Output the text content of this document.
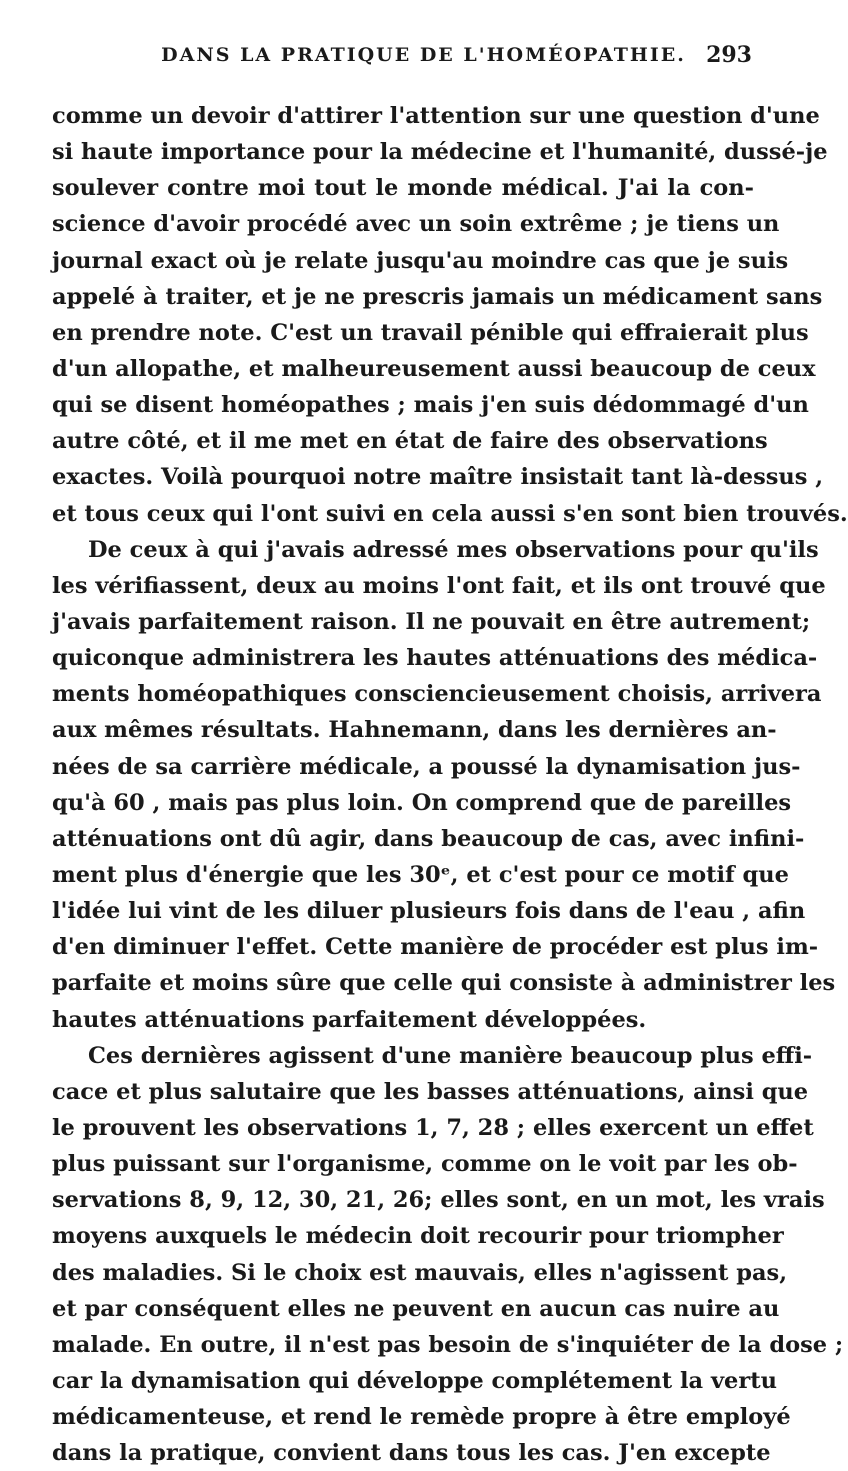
DANS LA PRATIQUE DE L'HOMÉOPATHIE. 293
comme un devoir d'attirer l'attention sur une question d'une
si haute importance pour la médecine et l'humanité, dussé-je
soulever contre moi tout le monde médical. J'ai la con-
science d'avoir procédé avec un soin extrême ; je tiens un
journal exact où je relate jusqu'au moindre cas que je suis
appelé à traiter, et je ne prescris jamais un médicament sans
en prendre note. C'est un travail pénible qui effraierait plus
d'un allopathe, et malheureusement aussi beaucoup de ceux
qui se disent homéopathes ; mais j'en suis dédommagé d'un
autre côté, et il me met en état de faire des observations
exactes. Voilà pourquoi notre maître insistait tant là-dessus ,
et tous ceux qui l'ont suivi en cela aussi s'en sont bien trouvés.
De ceux à qui j'avais adressé mes observations pour qu'ils
les vérifiassent, deux au moins l'ont fait, et ils ont trouvé que
j'avais parfaitement raison. Il ne pouvait en être autrement;
quiconque administrera les hautes atténuations des médica-
ments homéopathiques consciencieusement choisis, arrivera
aux mêmes résultats. Hahnemann, dans les dernières an-
nées de sa carrière médicale, a poussé la dynamisation jus-
qu'à 60 , mais pas plus loin. On comprend que de pareilles
atténuations ont dû agir, dans beaucoup de cas, avec infini-
ment plus d'énergie que les 30ᵉ, et c'est pour ce motif que
l'idée lui vint de les diluer plusieurs fois dans de l'eau , afin
d'en diminuer l'effet. Cette manière de procéder est plus im-
parfaite et moins sûre que celle qui consiste à administrer les
hautes atténuations parfaitement développées.
Ces dernières agissent d'une manière beaucoup plus effi-
cace et plus salutaire que les basses atténuations, ainsi que
le prouvent les observations 1, 7, 28 ; elles exercent un effet
plus puissant sur l'organisme, comme on le voit par les ob-
servations 8, 9, 12, 30, 21, 26; elles sont, en un mot, les vrais
moyens auxquels le médecin doit recourir pour triompher
des maladies. Si le choix est mauvais, elles n'agissent pas,
et par conséquent elles ne peuvent en aucun cas nuire au
malade. En outre, il n'est pas besoin de s'inquiéter de la dose ;
car la dynamisation qui développe complétement la vertu
médicamenteuse, et rend le remède propre à être employé
dans la pratique, convient dans tous les cas. J'en excepte
